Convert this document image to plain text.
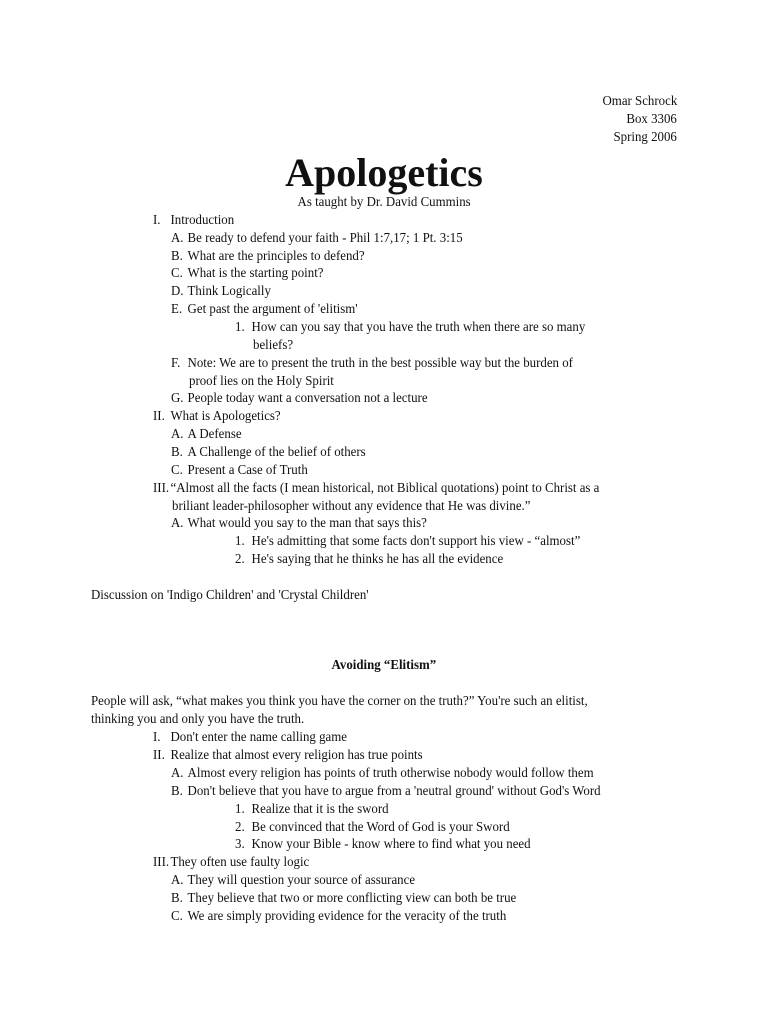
Omar Schrock
Box 3306
Spring 2006
Apologetics
As taught by Dr. David Cummins
I. Introduction
A. Be ready to defend your faith - Phil 1:7,17; 1 Pt. 3:15
B. What are the principles to defend?
C. What is the starting point?
D. Think Logically
E. Get past the argument of 'elitism'
1. How can you say that you have the truth when there are so many
beliefs?
F. Note: We are to present the truth in the best possible way but the burden of
proof lies on the Holy Spirit
G. People today want a conversation not a lecture
II. What is Apologetics?
A. A Defense
B. A Challenge of the belief of others
C. Present a Case of Truth
III.“Almost all the facts (I mean historical, not Biblical quotations) point to Christ as a
briliant leader-philosopher without any evidence that He was divine.”
A. What would you say to the man that says this?
1. He's admitting that some facts don't support his view - “almost”
2. He's saying that he thinks he has all the evidence
Discussion on 'Indigo Children' and 'Crystal Children'
Avoiding “Elitism”
People will ask, “what makes you think you have the corner on the truth?” You're such an elitist,
thinking you and only you have the truth.
I. Don't enter the name calling game
II. Realize that almost every religion has true points
A. Almost every religion has points of truth otherwise nobody would follow them
B. Don't believe that you have to argue from a 'neutral ground' without God's Word
1. Realize that it is the sword
2. Be convinced that the Word of God is your Sword
3. Know your Bible - know where to find what you need
III.They often use faulty logic
A. They will question your source of assurance
B. They believe that two or more conflicting view can both be true
C. We are simply providing evidence for the veracity of the truth
